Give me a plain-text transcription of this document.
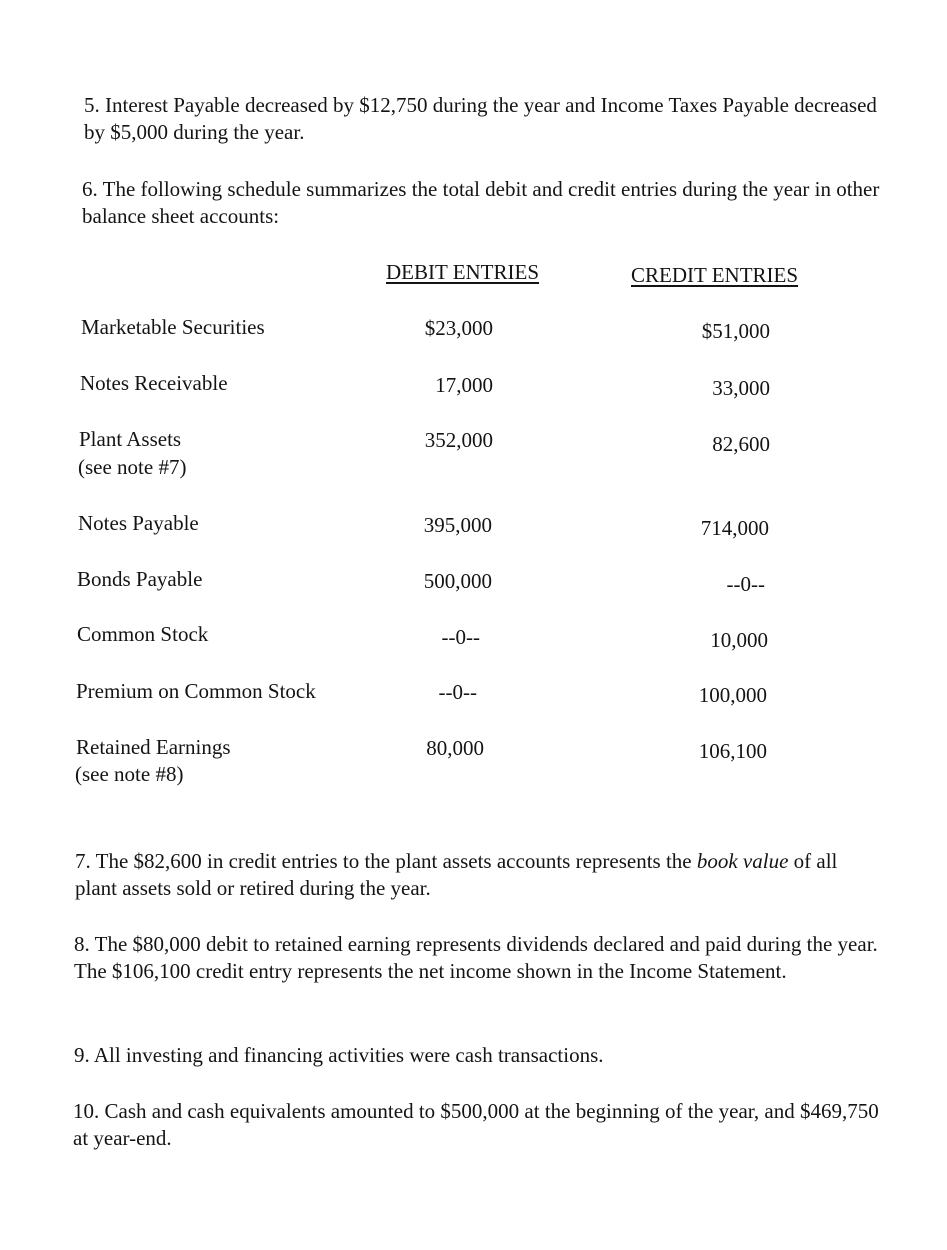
5. Interest Payable decreased by $12,750 during the year and Income Taxes Payable decreased by $5,000 during the year.

6. The following schedule summarizes the total debit and credit entries during the year in other balance sheet accounts:

DEBIT ENTRIES	CREDIT ENTRIES
Marketable Securities	$23,000	$51,000
Notes Receivable	17,000	33,000
Plant Assets
(see note #7)
352,000	82,600
Notes Payable	395,000	714,000
Bonds Payable	500,000	--0--
Common Stock	--0--	10,000
Premium on Common Stock	--0--	100,000
Retained Earnings
(see note #8)
80,000	106,100

7. The $82,600 in credit entries to the plant assets accounts represents the book value of all plant assets sold or retired during the year.

8. The $80,000 debit to retained earning represents dividends declared and paid during the year. The $106,100 credit entry represents the net income shown in the Income Statement.

9. All investing and financing activities were cash transactions.

10. Cash and cash equivalents amounted to $500,000 at the beginning of the year, and $469,750 at year-end.
